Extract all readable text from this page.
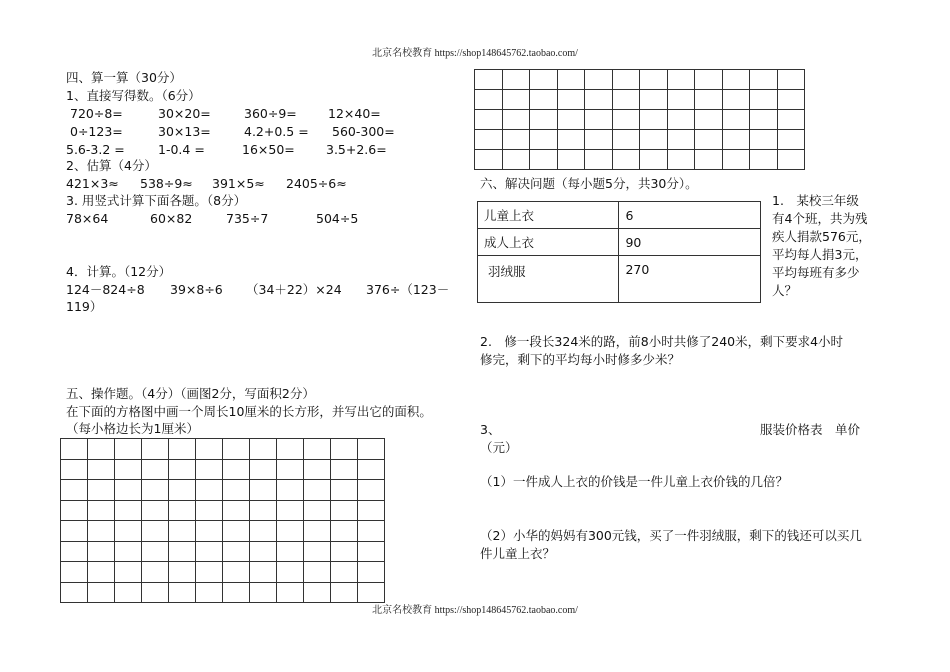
北京名校教育 https://shop148645762.taobao.com/
北京名校教育 https://shop148645762.taobao.com/
四、算一算（30分）
1、直接写得数。（6分）
720÷8=	30×20=	360÷9= 12×40=
0÷123=	30×13=	4.2+0.5 = 560-300=
5.6-3.2 =	1-0.4 =	16×50= 3.5+2.6=
2、估算（4分）
421×3≈ 538÷9≈ 391×5≈ 2405÷6≈
3. 用竖式计算下面各题。（8分）
78×64	60×82	735÷7	504÷5
4．计算。（12分）
124－824÷8 39×8÷6 （34＋22）×24 376÷（123－
119）
五、操作题。（4分）（画图2分，写面积2分）
在下面的方格图中画一个周长10厘米的长方形，并写出它的面积。
（每小格边长为1厘米）

六、解决问题（每小题5分，共30分）。
儿童上衣	6
成人上衣	90
羽绒服	270
1.　某校三年级
有4个班，共为残
疾人捐款576元，
平均每人捐3元，
平均每班有多少
人？
2.　修一段长324米的路，前8小时共修了240米，剩下要求4小时
修完，剩下的平均每小时修多少米？
3、	服装价格表　单价
（元）
（1）一件成人上衣的价钱是一件儿童上衣价钱的几倍？
（2）小华的妈妈有300元钱，买了一件羽绒服，剩下的钱还可以买几
件儿童上衣？
